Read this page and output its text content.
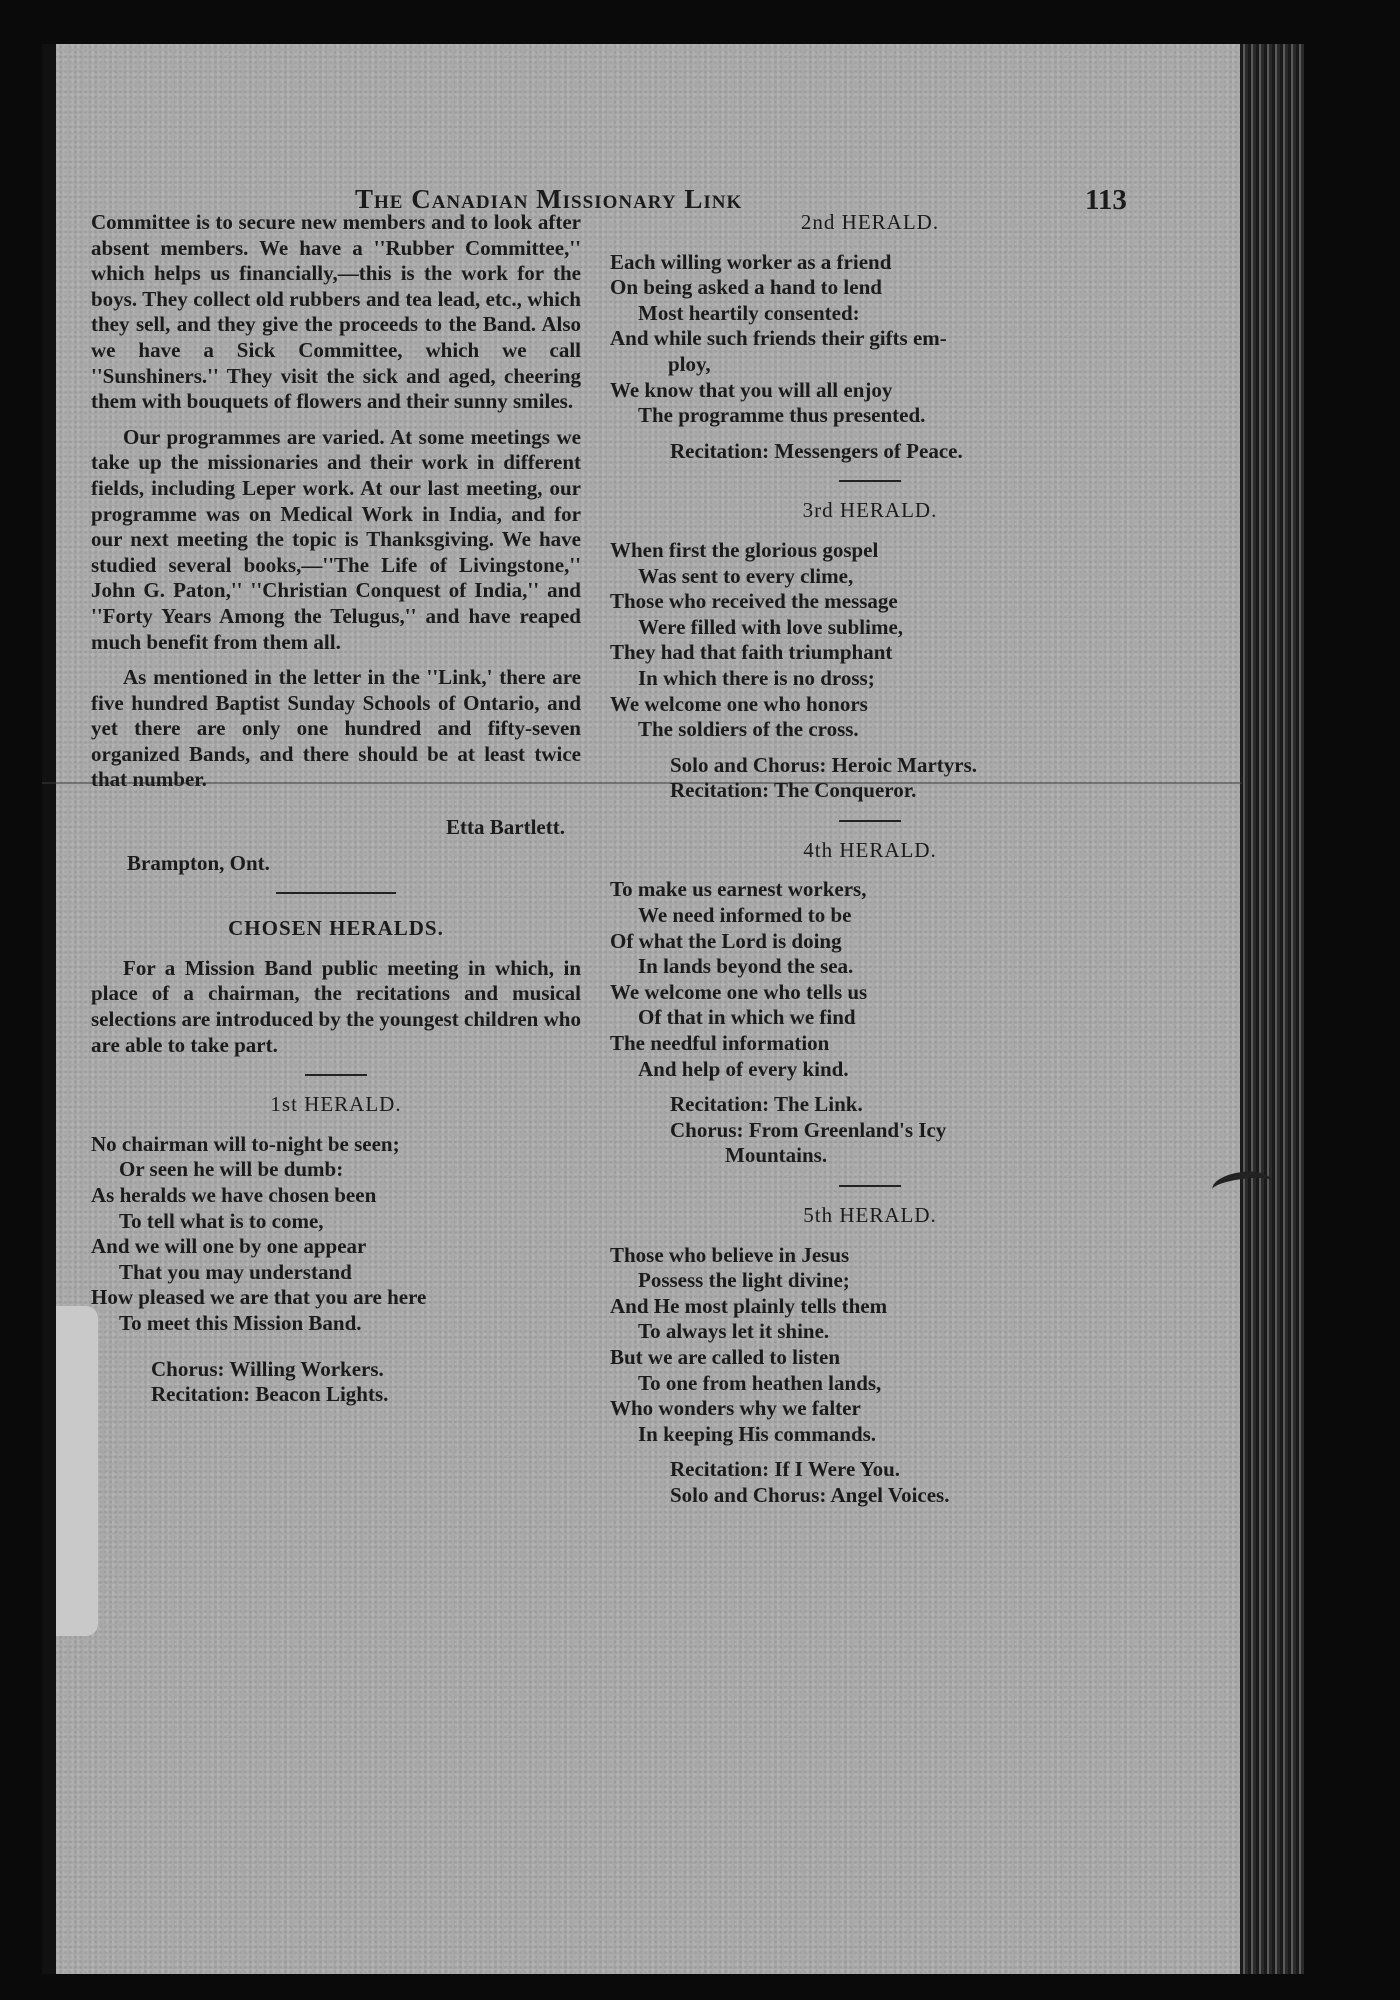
The Canadian Missionary Link	113

Committee is to secure new members and to look after absent members. We have a ''Rubber Committee,'' which helps us financially,—this is the work for the boys. They collect old rubbers and tea lead, etc., which they sell, and they give the proceeds to the Band. Also we have a Sick Committee, which we call ''Sunshiners.'' They visit the sick and aged, cheering them with bouquets of flowers and their sunny smiles.

Our programmes are varied. At some meetings we take up the missionaries and their work in different fields, including Leper work. At our last meeting, our programme was on Medical Work in India, and for our next meeting the topic is Thanksgiving. We have studied several books,—''The Life of Livingstone,'' John G. Paton,'' ''Christian Conquest of India,'' and ''Forty Years Among the Telugus,'' and have reaped much benefit from them all.

As mentioned in the letter in the ''Link,' there are five hundred Baptist Sunday Schools of Ontario, and yet there are only one hundred and fifty-seven organized Bands, and there should be at least twice that number.

Etta Bartlett.
Brampton, Ont.
CHOSEN HERALDS.

For a Mission Band public meeting in which, in place of a chairman, the recitations and musical selections are introduced by the youngest children who are able to take part.

1st HERALD.
No chairman will to-night be seen;
Or seen he will be dumb:
As heralds we have chosen been
To tell what is to come,
And we will one by one appear
That you may understand
How pleased we are that you are here
To meet this Mission Band.
Chorus: Willing Workers.
Recitation: Beacon Lights.
2nd HERALD.
Each willing worker as a friend
On being asked a hand to lend
Most heartily consented:
And while such friends their gifts em-
ploy,
We know that you will all enjoy
The programme thus presented.
Recitation: Messengers of Peace.
3rd HERALD.
When first the glorious gospel
Was sent to every clime,
Those who received the message
Were filled with love sublime,
They had that faith triumphant
In which there is no dross;
We welcome one who honors
The soldiers of the cross.
Solo and Chorus: Heroic Martyrs.
Recitation: The Conqueror.
4th HERALD.
To make us earnest workers,
We need informed to be
Of what the Lord is doing
In lands beyond the sea.
We welcome one who tells us
Of that in which we find
The needful information
And help of every kind.
Recitation: The Link.
Chorus: From Greenland's Icy
Mountains.
5th HERALD.
Those who believe in Jesus
Possess the light divine;
And He most plainly tells them
To always let it shine.
But we are called to listen
To one from heathen lands,
Who wonders why we falter
In keeping His commands.
Recitation: If I Were You.
Solo and Chorus: Angel Voices.
